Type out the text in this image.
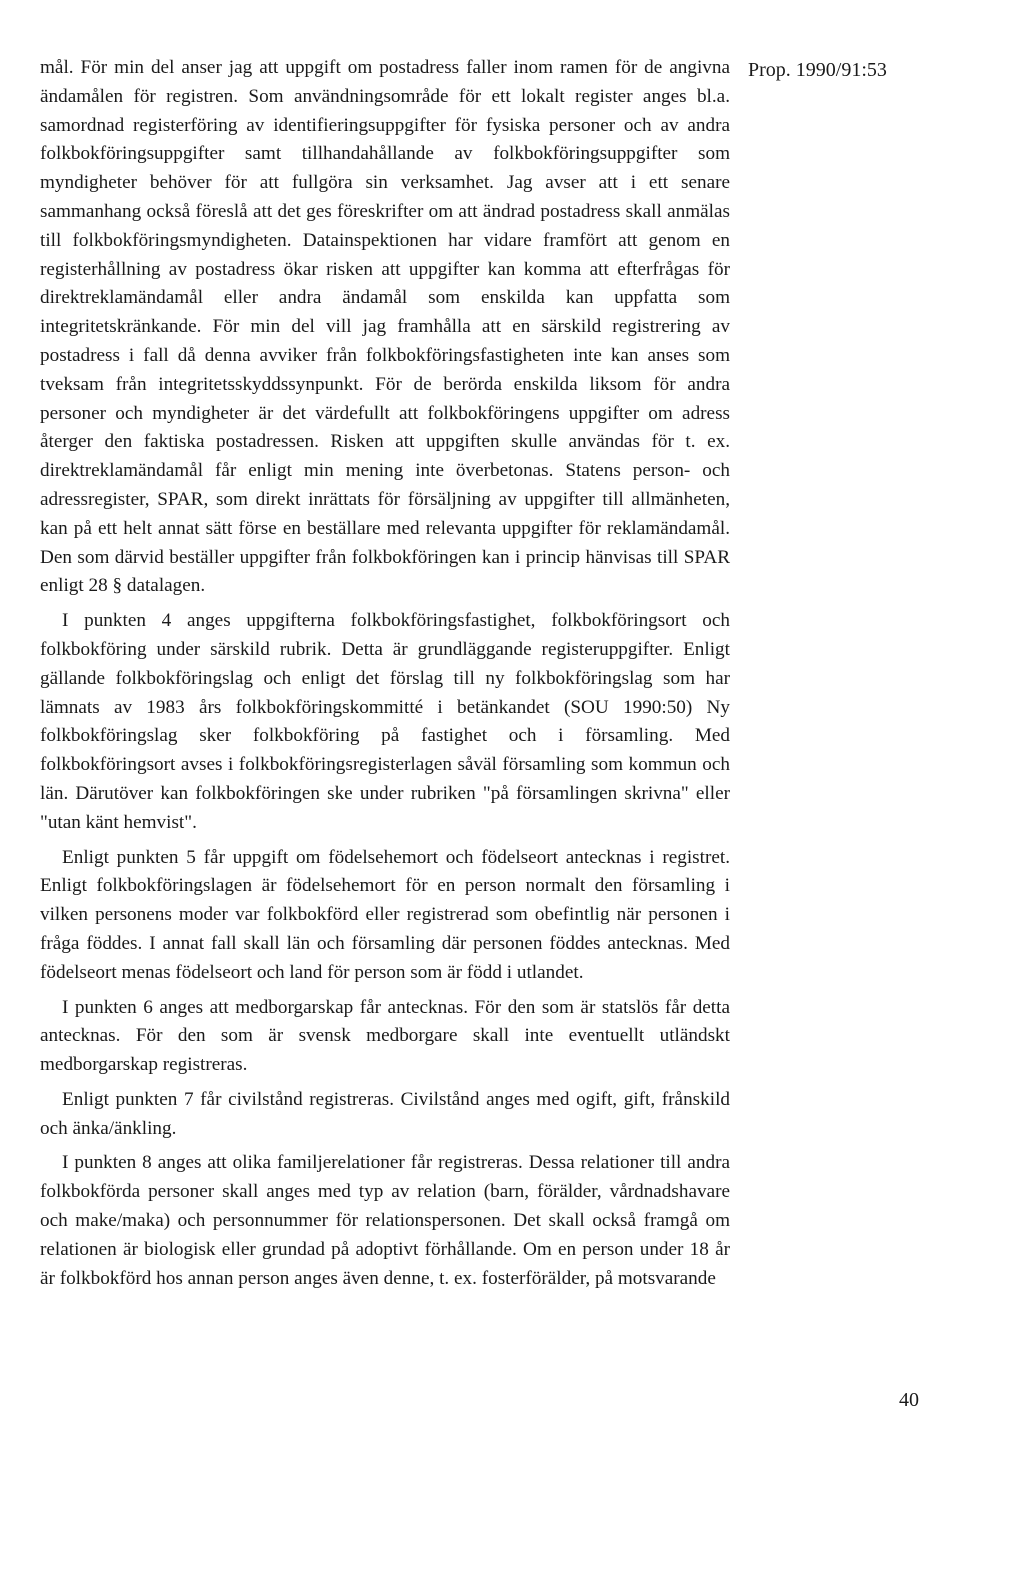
Prop. 1990/91:53

mål. För min del anser jag att uppgift om postadress faller inom ramen för de angivna ändamålen för registren. Som användningsområde för ett lokalt register anges bl.a. samordnad registerföring av identifieringsuppgifter för fysiska personer och av andra folkbokföringsuppgifter samt tillhandahållande av folkbokföringsuppgifter som myndigheter behöver för att fullgöra sin verksamhet. Jag avser att i ett senare sammanhang också föreslå att det ges föreskrifter om att ändrad postadress skall anmälas till folkbokföringsmyndigheten. Datainspektionen har vidare framfört att genom en registerhållning av postadress ökar risken att uppgifter kan komma att efterfrågas för direktreklamändamål eller andra ändamål som enskilda kan uppfatta som integritetskränkande. För min del vill jag framhålla att en särskild registrering av postadress i fall då denna avviker från folkbokföringsfastigheten inte kan anses som tveksam från integritetsskyddssynpunkt. För de berörda enskilda liksom för andra personer och myndigheter är det värdefullt att folkbokföringens uppgifter om adress återger den faktiska postadressen. Risken att uppgiften skulle användas för t. ex. direktreklamändamål får enligt min mening inte överbetonas. Statens person- och adressregister, SPAR, som direkt inrättats för försäljning av uppgifter till allmänheten, kan på ett helt annat sätt förse en beställare med relevanta uppgifter för reklamändamål. Den som därvid beställer uppgifter från folkbokföringen kan i princip hänvisas till SPAR enligt 28 § datalagen.

I punkten 4 anges uppgifterna folkbokföringsfastighet, folkbokföringsort och folkbokföring under särskild rubrik. Detta är grundläggande registeruppgifter. Enligt gällande folkbokföringslag och enligt det förslag till ny folkbokföringslag som har lämnats av 1983 års folkbokföringskommitté i betänkandet (SOU 1990:50) Ny folkbokföringslag sker folkbokföring på fastighet och i församling. Med folkbokföringsort avses i folkbokföringsregisterlagen såväl församling som kommun och län. Därutöver kan folkbokföringen ske under rubriken "på församlingen skrivna" eller "utan känt hemvist".

Enligt punkten 5 får uppgift om födelsehemort och födelseort antecknas i registret. Enligt folkbokföringslagen är födelsehemort för en person normalt den församling i vilken personens moder var folkbokförd eller registrerad som obefintlig när personen i fråga föddes. I annat fall skall län och församling där personen föddes antecknas. Med födelseort menas födelseort och land för person som är född i utlandet.

I punkten 6 anges att medborgarskap får antecknas. För den som är statslös får detta antecknas. För den som är svensk medborgare skall inte eventuellt utländskt medborgarskap registreras.

Enligt punkten 7 får civilstånd registreras. Civilstånd anges med ogift, gift, frånskild och änka/änkling.

I punkten 8 anges att olika familjerelationer får registreras. Dessa relationer till andra folkbokförda personer skall anges med typ av relation (barn, förälder, vårdnadshavare och make/maka) och personnummer för relationspersonen. Det skall också framgå om relationen är biologisk eller grundad på adoptivt förhållande. Om en person under 18 år är folkbokförd hos annan person anges även denne, t. ex. fosterförälder, på motsvarande

40
